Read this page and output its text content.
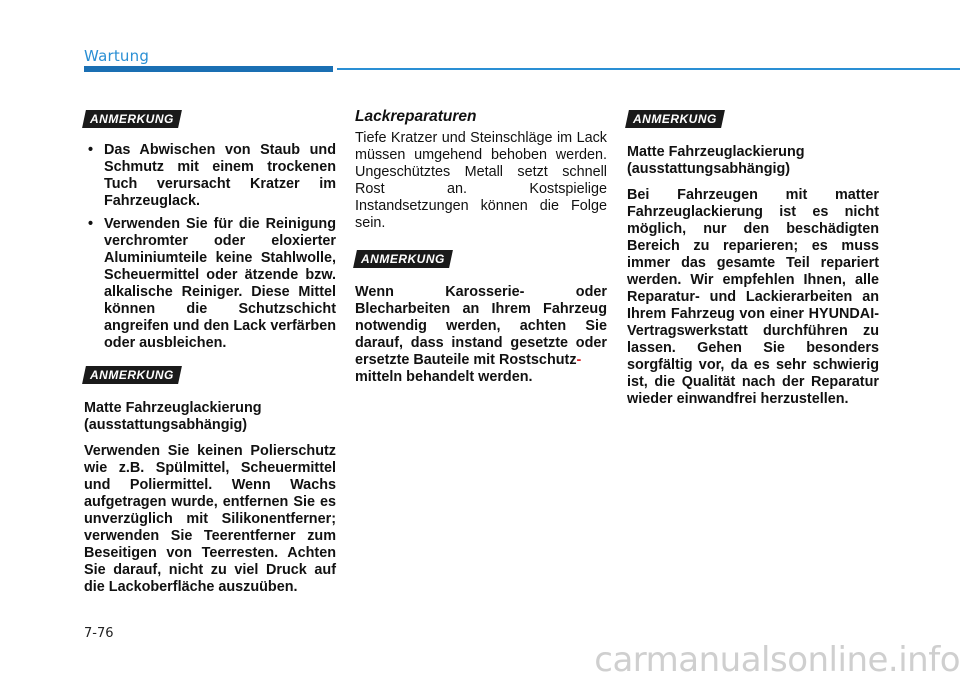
Wartung
ANMERKUNG
• Das Abwischen von Staub und Schmutz mit einem trockenen Tuch verursacht Kratzer im Fahrzeuglack.
• Verwenden Sie für die Reinigung verchromter oder eloxierter Aluminiumteile keine Stahlwolle, Scheuermittel oder ätzende bzw. alkalische Reiniger. Diese Mittel können die Schutzschicht angreifen und den Lack verfärben oder ausbleichen.
ANMERKUNG

Matte Fahrzeuglackierung

(ausstattungsabhängig)

Verwenden Sie keinen Polierschutz wie z.B. Spülmittel, Scheuermittel und Poliermittel. Wenn Wachs aufgetragen wurde, entfernen Sie es unverzüglich mit Silikonentferner; verwenden Sie Teerentferner zum Beseitigen von Teerresten. Achten Sie darauf, nicht zu viel Druck auf die Lackoberfläche auszuüben.

Lackreparaturen

Tiefe Kratzer und Steinschläge im Lack müssen umgehend behoben werden. Ungeschütztes Metall setzt schnell Rost an. Kostspielige Instandsetzungen können die Folge sein.

ANMERKUNG

Wenn Karosserie- oder Blecharbeiten an Ihrem Fahrzeug notwendig werden, achten Sie darauf, dass instand gesetzte oder ersetzte Bauteile mit Rostschutz-
mitteln behandelt werden.

ANMERKUNG

Matte Fahrzeuglackierung

(ausstattungsabhängig)

Bei Fahrzeugen mit matter Fahrzeuglackierung ist es nicht möglich, nur den beschädigten Bereich zu reparieren; es muss immer das gesamte Teil repariert werden. Wir empfehlen Ihnen, alle Reparatur- und Lackierarbeiten an Ihrem Fahrzeug von einer HYUNDAI-Vertragswerkstatt durchführen zu lassen. Gehen Sie besonders sorgfältig vor, da es sehr schwierig ist, die Qualität nach der Reparatur wieder einwandfrei herzustellen.

7-76
carmanualsonline.info
